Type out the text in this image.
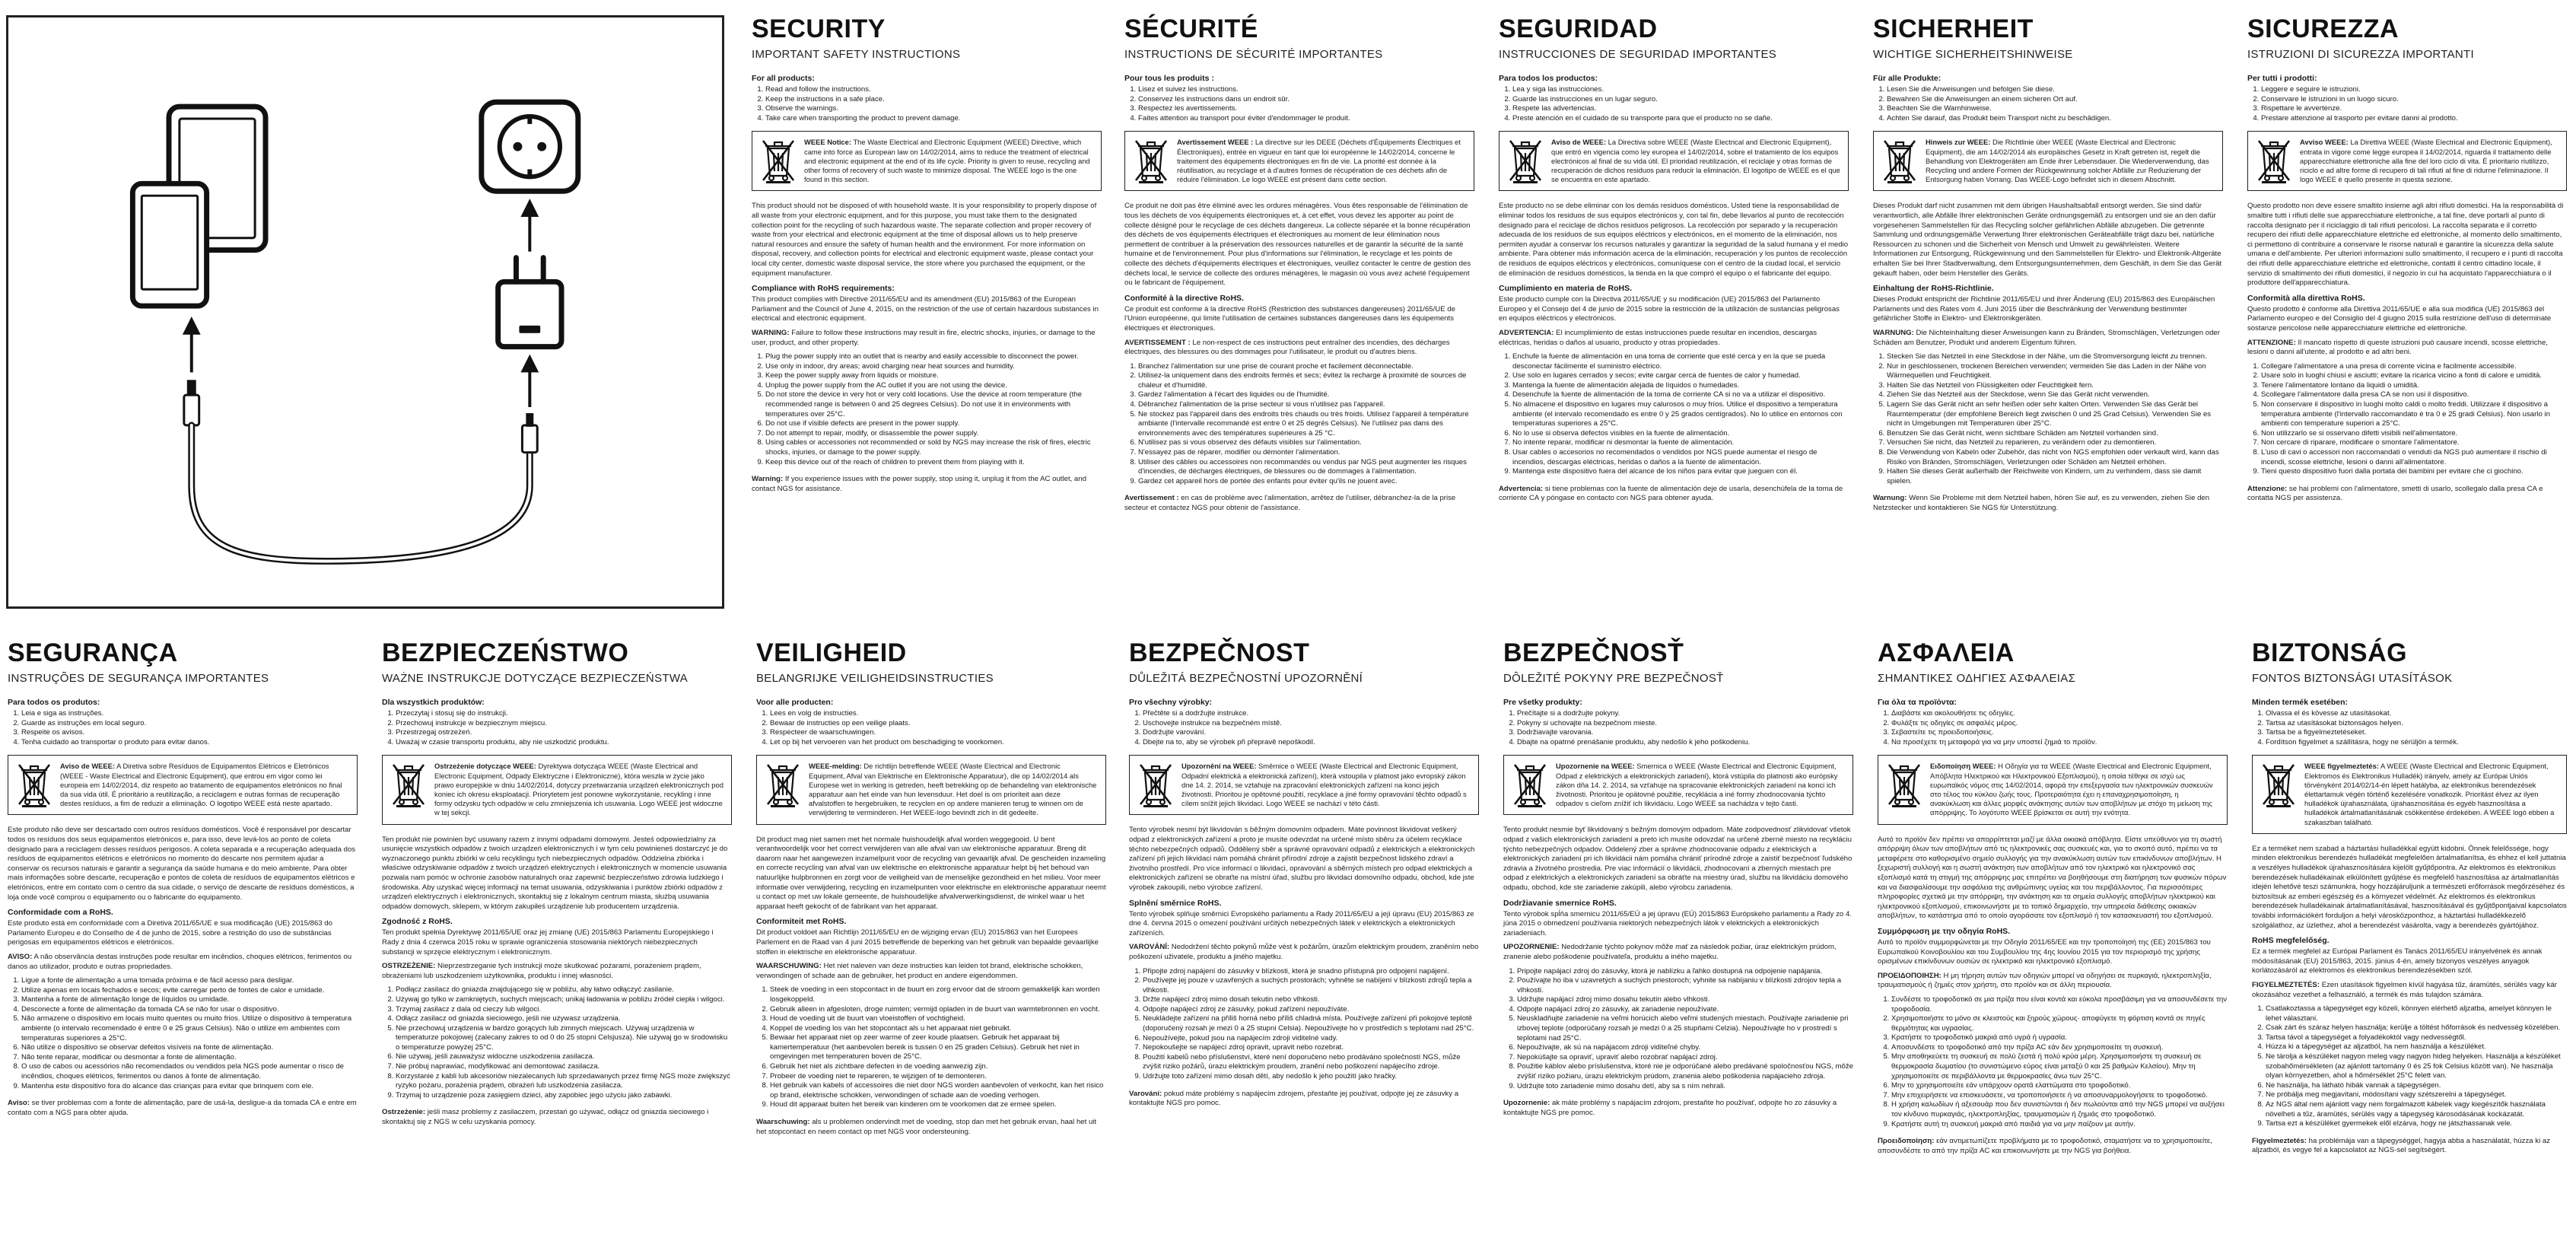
SECURITY
IMPORTANT SAFETY INSTRUCTIONS
For all products:
1. Read and follow the instructions.
2. Keep the instructions in a safe place.
3. Observe the warnings.
4. Take care when transporting the product to prevent damage.

WEEE Notice: The Waste Electrical and Electronic Equipment (WEEE) Directive, which came into force as European law on 14/02/2014, aims to reduce the treatment of electrical and electronic equipment at the end of its life cycle. Priority is given to reuse, recycling and other forms of recovery of such waste to minimize disposal. The WEEE logo is the one found in this section.

This product should not be disposed of with household waste. It is your responsibility to properly dispose of all waste from your electronic equipment, and for this purpose, you must take them to the designated collection point for the recycling of such hazardous waste. The separate collection and proper recovery of waste from your electrical and electronic equipment at the time of disposal allows us to help preserve natural resources and ensure the safety of human health and the environment. For more information on disposal, recovery, and collection points for electrical and electronic equipment waste, please contact your local city center, domestic waste disposal service, the store where you purchased the equipment, or the equipment manufacturer.

Compliance with RoHS requirements:

This product complies with Directive 2011/65/EU and its amendment (EU) 2015/863 of the European Parliament and the Council of June 4, 2015, on the restriction of the use of certain hazardous substances in electrical and electronic equipment.

WARNING: Failure to follow these instructions may result in fire, electric shocks, injuries, or damage to the user, product, and other property.

1. Plug the power supply into an outlet that is nearby and easily accessible to disconnect the power.
2. Use only in indoor, dry areas; avoid charging near heat sources and humidity.
3. Keep the power supply away from liquids or moisture.
4. Unplug the power supply from the AC outlet if you are not using the device.
5. Do not store the device in very hot or very cold locations. Use the device at room temperature (the recommended range is between 0 and 25 degrees Celsius). Do not use it in environments with temperatures over 25°C.
6. Do not use if visible defects are present in the power supply.
7. Do not attempt to repair, modify, or disassemble the power supply.
8. Using cables or accessories not recommended or sold by NGS may increase the risk of fires, electric shocks, injuries, or damage to the power supply.
9. Keep this device out of the reach of children to prevent them from playing with it.

Warning: If you experience issues with the power supply, stop using it, unplug it from the AC outlet, and contact NGS for assistance.

SÉCURITÉ
INSTRUCTIONS DE SÉCURITÉ IMPORTANTES
Pour tous les produits :
1. Lisez et suivez les instructions.
2. Conservez les instructions dans un endroit sûr.
3. Respectez les avertissements.
4. Faites attention au transport pour éviter d'endommager le produit.

Avertissement WEEE : La directive sur les DEEE (Déchets d'Équipements Électriques et Électroniques), entrée en vigueur en tant que loi européenne le 14/02/2014, concerne le traitement des équipements électroniques en fin de vie. La priorité est donnée à la réutilisation, au recyclage et à d'autres formes de récupération de ces déchets afin de réduire l'élimination. Le logo WEEE est présent dans cette section.

Ce produit ne doit pas être éliminé avec les ordures ménagères. Vous êtes responsable de l'élimination de tous les déchets de vos équipements électroniques et, à cet effet, vous devez les apporter au point de collecte désigné pour le recyclage de ces déchets dangereux. La collecte séparée et la bonne récupération des déchets de vos équipements électriques et électroniques au moment de leur élimination nous permettent de contribuer à la préservation des ressources naturelles et de garantir la sécurité de la santé humaine et de l'environnement. Pour plus d'informations sur l'élimination, le recyclage et les points de collecte des déchets d'équipements électriques et électroniques, veuillez contacter le centre de gestion des déchets local, le service de collecte des ordures ménagères, le magasin où vous avez acheté l'équipement ou le fabricant de l'équipement.

Conformité à la directive RoHS.

Ce produit est conforme à la directive RoHS (Restriction des substances dangereuses) 2011/65/UE de l'Union européenne, qui limite l'utilisation de certaines substances dangereuses dans les équipements électriques et électroniques.

AVERTISSEMENT : Le non-respect de ces instructions peut entraîner des incendies, des décharges électriques, des blessures ou des dommages pour l'utilisateur, le produit ou d'autres biens.

1. Branchez l'alimentation sur une prise de courant proche et facilement déconnectable.
2. Utilisez-la uniquement dans des endroits fermés et secs; évitez la recharge à proximité de sources de chaleur et d'humidité.
3. Gardez l'alimentation à l'écart des liquides ou de l'humidité.
4. Débranchez l'alimentation de la prise secteur si vous n'utilisez pas l'appareil.
5. Ne stockez pas l'appareil dans des endroits très chauds ou très froids. Utilisez l'appareil à température ambiante (l'intervalle recommandé est entre 0 et 25 degrés Celsius). Ne l'utilisez pas dans des environnements avec des températures supérieures à 25 °C.
6. N'utilisez pas si vous observez des défauts visibles sur l'alimentation.
7. N'essayez pas de réparer, modifier ou démonter l'alimentation.
8. Utiliser des câbles ou accessoires non recommandés ou vendus par NGS peut augmenter les risques d'incendies, de décharges électriques, de blessures ou de dommages à l'alimentation.
9. Gardez cet appareil hors de portée des enfants pour éviter qu'ils ne jouent avec.

Avertissement : en cas de problème avec l'alimentation, arrêtez de l'utiliser, débranchez-la de la prise secteur et contactez NGS pour obtenir de l'assistance.

SEGURIDAD
INSTRUCCIONES DE SEGURIDAD IMPORTANTES
Para todos los productos:
1. Lea y siga las instrucciones.
2. Guarde las instrucciones en un lugar seguro.
3. Respete las advertencias.
4. Preste atención en el cuidado de su transporte para que el producto no se dañe.

Aviso de WEEE: La Directiva sobre WEEE (Waste Electrical and Electronic Equipment), que entró en vigencia como ley europea el 14/02/2014, sobre el tratamiento de los equipos electrónicos al final de su vida útil. El prioridad reutilización, el reciclaje y otras formas de recuperación de dichos residuos para reducir la eliminación. El logotipo de WEEE es el que se encuentra en este apartado.

Este producto no se debe eliminar con los demás residuos domésticos. Usted tiene la responsabilidad de eliminar todos los residuos de sus equipos electrónicos y, con tal fin, debe llevarlos al punto de recolección designado para el reciclaje de dichos residuos peligrosos. La recolección por separado y la recuperación adecuada de los residuos de sus equipos eléctricos y electrónicos, en el momento de la eliminación, nos permiten ayudar a conservar los recursos naturales y garantizar la seguridad de la salud humana y el medio ambiente. Para obtener más información acerca de la eliminación, recuperación y los puntos de recolección de residuos de equipos eléctricos y electrónicos, comuníquese con el centro de la ciudad local, el servicio de eliminación de residuos domésticos, la tienda en la que compró el equipo o el fabricante del equipo.

Cumplimiento en materia de RoHS.

Este producto cumple con la Directiva 2011/65/UE y su modificación (UE) 2015/863 del Parlamento Europeo y el Consejo del 4 de junio de 2015 sobre la restricción de la utilización de sustancias peligrosas en equipos eléctricos y electrónicos.

ADVERTENCIA: El incumplimiento de estas instrucciones puede resultar en incendios, descargas eléctricas, heridas o daños al usuario, producto y otras propiedades.

1. Enchufe la fuente de alimentación en una toma de corriente que esté cerca y en la que se pueda desconectar fácilmente el suministro eléctrico.
2. Use solo en lugares cerrados y secos; evite cargar cerca de fuentes de calor y humedad.
3. Mantenga la fuente de alimentación alejada de líquidos o humedades.
4. Desenchufe la fuente de alimentación de la toma de corriente CA si no va a utilizar el dispositivo.
5. No almacene el dispositivo en lugares muy calurosos o muy fríos. Utilice el dispositivo a temperatura ambiente (el intervalo recomendado es entre 0 y 25 grados centígrados). No lo utilice en entornos con temperaturas superiores a 25°C.
6. No lo use si observa defectos visibles en la fuente de alimentación.
7. No intente reparar, modificar ni desmontar la fuente de alimentación.
8. Usar cables o accesorios no recomendados o vendidos por NGS puede aumentar el riesgo de incendios, descargas eléctricas, heridas o daños a la fuente de alimentación.
9. Mantenga este dispositivo fuera del alcance de los niños para evitar que jueguen con él.

Advertencia: si tiene problemas con la fuente de alimentación deje de usarla, desenchúfela de la toma de corriente CA y póngase en contacto con NGS para obtener ayuda.

SICHERHEIT
WICHTIGE SICHERHEITSHINWEISE
Für alle Produkte:
1. Lesen Sie die Anweisungen und befolgen Sie diese.
2. Bewahren Sie die Anweisungen an einem sicheren Ort auf.
3. Beachten Sie die Warnhinweise.
4. Achten Sie darauf, das Produkt beim Transport nicht zu beschädigen.

Hinweis zur WEEE: Die Richtlinie über WEEE (Waste Electrical and Electronic Equipment), die am 14/02/2014 als europäisches Gesetz in Kraft getreten ist, regelt die Behandlung von Elektrogeräten am Ende ihrer Lebensdauer. Die Wiederverwendung, das Recycling und andere Formen der Rückgewinnung solcher Abfälle zur Reduzierung der Entsorgung haben Vorrang. Das WEEE-Logo befindet sich in diesem Abschnitt.

Dieses Produkt darf nicht zusammen mit dem übrigen Haushaltsabfall entsorgt werden. Sie sind dafür verantwortlich, alle Abfälle Ihrer elektronischen Geräte ordnungsgemäß zu entsorgen und sie an den dafür vorgesehenen Sammelstellen für das Recycling solcher gefährlichen Abfälle abzugeben. Die getrennte Sammlung und ordnungsgemäße Verwertung Ihrer elektronischen Geräteabfälle trägt dazu bei, natürliche Ressourcen zu schonen und die Sicherheit von Mensch und Umwelt zu gewährleisten. Weitere Informationen zur Entsorgung, Rückgewinnung und den Sammelstellen für Elektro- und Elektronik-Altgeräte erhalten Sie bei Ihrer Stadtverwaltung, dem Entsorgungsunternehmen, dem Geschäft, in dem Sie das Gerät gekauft haben, oder beim Hersteller des Geräts.

Einhaltung der RoHS-Richtlinie.

Dieses Produkt entspricht der Richtlinie 2011/65/EU und ihrer Änderung (EU) 2015/863 des Europäischen Parlaments und des Rates vom 4. Juni 2015 über die Beschränkung der Verwendung bestimmter gefährlicher Stoffe in Elektro- und Elektronikgeräten.

WARNUNG: Die Nichteinhaltung dieser Anweisungen kann zu Bränden, Stromschlägen, Verletzungen oder Schäden am Benutzer, Produkt und anderem Eigentum führen.

1. Stecken Sie das Netzteil in eine Steckdose in der Nähe, um die Stromversorgung leicht zu trennen.
2. Nur in geschlossenen, trockenen Bereichen verwenden; vermeiden Sie das Laden in der Nähe von Wärmequellen und Feuchtigkeit.
3. Halten Sie das Netzteil von Flüssigkeiten oder Feuchtigkeit fern.
4. Ziehen Sie das Netzteil aus der Steckdose, wenn Sie das Gerät nicht verwenden.
5. Lagern Sie das Gerät nicht an sehr heißen oder sehr kalten Orten. Verwenden Sie das Gerät bei Raumtemperatur (der empfohlene Bereich liegt zwischen 0 und 25 Grad Celsius). Verwenden Sie es nicht in Umgebungen mit Temperaturen über 25°C.
6. Benutzen Sie das Gerät nicht, wenn sichtbare Schäden am Netzteil vorhanden sind.
7. Versuchen Sie nicht, das Netzteil zu reparieren, zu verändern oder zu demontieren.
8. Die Verwendung von Kabeln oder Zubehör, das nicht von NGS empfohlen oder verkauft wird, kann das Risiko von Bränden, Stromschlägen, Verletzungen oder Schäden am Netzteil erhöhen.
9. Halten Sie dieses Gerät außerhalb der Reichweite von Kindern, um zu verhindern, dass sie damit spielen.

Warnung: Wenn Sie Probleme mit dem Netzteil haben, hören Sie auf, es zu verwenden, ziehen Sie den Netzstecker und kontaktieren Sie NGS für Unterstützung.

SICUREZZA
ISTRUZIONI DI SICUREZZA IMPORTANTI
Per tutti i prodotti:
1. Leggere e seguire le istruzioni.
2. Conservare le istruzioni in un luogo sicuro.
3. Rispettare le avvertenze.
4. Prestare attenzione al trasporto per evitare danni al prodotto.

Avviso WEEE: La Direttiva WEEE (Waste Electrical and Electronic Equipment), entrata in vigore come legge europea il 14/02/2014, riguarda il trattamento delle apparecchiature elettroniche alla fine del loro ciclo di vita. È prioritario riutilizzo, riciclo e ad altre forme di recupero di tali rifiuti al fine di ridurne l'eliminazione. Il logo WEEE è quello presente in questa sezione.

Questo prodotto non deve essere smaltito insieme agli altri rifiuti domestici. Ha la responsabilità di smaltire tutti i rifiuti delle sue apparecchiature elettroniche, a tal fine, deve portarli al punto di raccolta designato per il riciclaggio di tali rifiuti pericolosi. La raccolta separata e il corretto recupero dei rifiuti delle apparecchiature elettriche ed elettroniche, al momento dello smaltimento, ci permettono di contribuire a conservare le risorse naturali e garantire la sicurezza della salute umana e dell'ambiente. Per ulteriori informazioni sullo smaltimento, il recupero e i punti di raccolta dei rifiuti delle apparecchiature elettriche ed elettroniche, contatti il centro cittadino locale, il servizio di smaltimento dei rifiuti domestici, il negozio in cui ha acquistato l'apparecchiatura o il produttore dell'apparecchiatura.

Conformità alla direttiva RoHS.

Questo prodotto è conforme alla Direttiva 2011/65/UE e alla sua modifica (UE) 2015/863 del Parlamento europeo e del Consiglio del 4 giugno 2015 sulla restrizione dell'uso di determinate sostanze pericolose nelle apparecchiature elettriche ed elettroniche.

ATTENZIONE: Il mancato rispetto di queste istruzioni può causare incendi, scosse elettriche, lesioni o danni all'utente, al prodotto e ad altri beni.

1. Collegare l'alimentatore a una presa di corrente vicina e facilmente accessibile.
2. Usare solo in luoghi chiusi e asciutti; evitare la ricarica vicino a fonti di calore e umidità.
3. Tenere l'alimentatore lontano da liquidi o umidità.
4. Scollegare l'alimentatore dalla presa CA se non usi il dispositivo.
5. Non conservare il dispositivo in luoghi molto caldi o molto freddi. Utilizzare il dispositivo a temperatura ambiente (l'intervallo raccomandato è tra 0 e 25 gradi Celsius). Non usarlo in ambienti con temperature superiori a 25°C.
6. Non utilizzarlo se si osservano difetti visibili nell'alimentatore.
7. Non cercare di riparare, modificare o smontare l'alimentatore.
8. L'uso di cavi o accessori non raccomandati o venduti da NGS può aumentare il rischio di incendi, scosse elettriche, lesioni o danni all'alimentatore.
9. Tieni questo dispositivo fuori dalla portata dei bambini per evitare che ci giochino.

Attenzione: se hai problemi con l'alimentatore, smetti di usarlo, scollegalo dalla presa CA e contatta NGS per assistenza.

SEGURANÇA
INSTRUÇÕES DE SEGURANÇA IMPORTANTES
Para todos os produtos:
1. Leia e siga as instruções.
2. Guarde as instruções em local seguro.
3. Respeite os avisos.
4. Tenha cuidado ao transportar o produto para evitar danos.

Aviso de WEEE: A Diretiva sobre Resíduos de Equipamentos Elétricos e Eletrónicos (WEEE - Waste Electrical and Electronic Equipment), que entrou em vigor como lei europeia em 14/02/2014, diz respeito ao tratamento de equipamentos eletrónicos no final da sua vida útil. É prioritário a reutilização, a reciclagem e outras formas de recuperação destes resíduos, a fim de reduzir a eliminação. O logotipo WEEE está neste apartado.

Este produto não deve ser descartado com outros resíduos domésticos. Você é responsável por descartar todos os resíduos dos seus equipamentos eletrónicos e, para isso, deve levá-los ao ponto de coleta designado para a reciclagem desses resíduos perigosos. A coleta separada e a recuperação adequada dos resíduos de equipamentos elétricos e eletrónicos no momento do descarte nos permitem ajudar a conservar os recursos naturais e garantir a segurança da saúde humana e do meio ambiente. Para obter mais informações sobre descarte, recuperação e pontos de coleta de resíduos de equipamentos elétricos e eletrónicos, entre em contato com o centro da sua cidade, o serviço de descarte de resíduos domésticos, a loja onde você comprou o equipamento ou o fabricante do equipamento.

Conformidade com a RoHS.

Este produto está em conformidade com a Diretiva 2011/65/UE e sua modificação (UE) 2015/863 do Parlamento Europeu e do Conselho de 4 de junho de 2015, sobre a restrição do uso de substâncias perigosas em equipamentos elétricos e eletrónicos.

AVISO: A não observância destas instruções pode resultar em incêndios, choques elétricos, ferimentos ou danos ao utilizador, produto e outras propriedades.

1. Ligue a fonte de alimentação a uma tomada próxima e de fácil acesso para desligar.
2. Utilize apenas em locais fechados e secos; evite carregar perto de fontes de calor e umidade.
3. Mantenha a fonte de alimentação longe de líquidos ou umidade.
4. Desconecte a fonte de alimentação da tomada CA se não for usar o dispositivo.
5. Não armazene o dispositivo em locais muito quentes ou muito frios. Utilize o dispositivo à temperatura ambiente (o intervalo recomendado é entre 0 e 25 graus Celsius). Não o utilize em ambientes com temperaturas superiores a 25°C.
6. Não utilize o dispositivo se observar defeitos visíveis na fonte de alimentação.
7. Não tente reparar, modificar ou desmontar a fonte de alimentação.
8. O uso de cabos ou acessórios não recomendados ou vendidos pela NGS pode aumentar o risco de incêndios, choques elétricos, ferimentos ou danos à fonte de alimentação.
9. Mantenha este dispositivo fora do alcance das crianças para evitar que brinquem com ele.

Aviso: se tiver problemas com a fonte de alimentação, pare de usá-la, desligue-a da tomada CA e entre em contato com a NGS para obter ajuda.

BEZPIECZEŃSTWO
WAŻNE INSTRUKCJE DOTYCZĄCE BEZPIECZEŃSTWA
Dla wszystkich produktów:
1. Przeczytaj i stosuj się do instrukcji.
2. Przechowuj instrukcje w bezpiecznym miejscu.
3. Przestrzegaj ostrzeżeń.
4. Uważaj w czasie transportu produktu, aby nie uszkodzić produktu.

Ostrzeżenie dotyczące WEEE: Dyrektywa dotycząca WEEE (Waste Electrical and Electronic Equipment, Odpady Elektryczne i Elektroniczne), która weszła w życie jako prawo europejskie w dniu 14/02/2014, dotyczy przetwarzania urządzeń elektronicznych pod koniec ich okresu eksploatacji. Priorytetem jest ponowne wykorzystanie, recykling i inne formy odzysku tych odpadów w celu zmniejszenia ich usuwania. Logo WEEE jest widoczne w tej sekcji.

Ten produkt nie powinien być usuwany razem z innymi odpadami domowymi. Jesteś odpowiedzialny za usunięcie wszystkich odpadów z twoich urządzeń elektronicznych i w tym celu powinieneś dostarczyć je do wyznaczonego punktu zbiórki w celu recyklingu tych niebezpiecznych odpadów. Oddzielna zbiórka i właściwe odzyskiwanie odpadów z twoich urządzeń elektrycznych i elektronicznych w momencie usuwania pozwala nam pomóc w ochronie zasobów naturalnych oraz zapewnić bezpieczeństwo zdrowia ludzkiego i środowiska. Aby uzyskać więcej informacji na temat usuwania, odzyskiwania i punktów zbiórki odpadów z urządzeń elektrycznych i elektronicznych, skontaktuj się z lokalnym centrum miasta, służbą usuwania odpadów domowych, sklepem, w którym zakupiłeś urządzenie lub producentem urządzenia.

Zgodność z RoHS.

Ten produkt spełnia Dyrektywę 2011/65/UE oraz jej zmianę (UE) 2015/863 Parlamentu Europejskiego i Rady z dnia 4 czerwca 2015 roku w sprawie ograniczenia stosowania niektórych niebezpiecznych substancji w sprzęcie elektrycznym i elektronicznym.

OSTRZEŻENIE: Nieprzestrzeganie tych instrukcji może skutkować pożarami, porażeniem prądem, obrażeniami lub uszkodzeniem użytkownika, produktu i innej własności.

1. Podłącz zasilacz do gniazda znajdującego się w pobliżu, aby łatwo odłączyć zasilanie.
2. Używaj go tylko w zamkniętych, suchych miejscach; unikaj ładowania w pobliżu źródeł ciepła i wilgoci.
3. Trzymaj zasilacz z dala od cieczy lub wilgoci.
4. Odłącz zasilacz od gniazda sieciowego, jeśli nie używasz urządzenia.
5. Nie przechowuj urządzenia w bardzo gorących lub zimnych miejscach. Używaj urządzenia w temperaturze pokojowej (zalecany zakres to od 0 do 25 stopni Celsjusza). Nie używaj go w środowisku o temperaturze powyżej 25°C.
6. Nie używaj, jeśli zauważysz widoczne uszkodzenia zasilacza.
7. Nie próbuj naprawiać, modyfikować ani demontować zasilacza.
8. Korzystanie z kabli lub akcesoriów niezalecanych lub sprzedawanych przez firmę NGS może zwiększyć ryzyko pożaru, porażenia prądem, obrażeń lub uszkodzenia zasilacza.
9. Trzymaj to urządzenie poza zasięgiem dzieci, aby zapobiec jego użyciu jako zabawki.

Ostrzeżenie: jeśli masz problemy z zasilaczem, przestań go używać, odłącz od gniazda sieciowego i skontaktuj się z NGS w celu uzyskania pomocy.

VEILIGHEID
BELANGRIJKE VEILIGHEIDSINSTRUCTIES
Voor alle producten:
1. Lees en volg de instructies.
2. Bewaar de instructies op een veilige plaats.
3. Respecteer de waarschuwingen.
4. Let op bij het vervoeren van het product om beschadiging te voorkomen.

WEEE-melding: De richtlijn betreffende WEEE (Waste Electrical and Electronic Equipment, Afval van Elektrische en Elektronische Apparatuur), die op 14/02/2014 als Europese wet in werking is getreden, heeft betrekking op de behandeling van elektronische apparatuur aan het einde van hun levensduur. Het doel is om prioriteit aan deze afvalstoffen te hergebruiken, te recyclen en op andere manieren terug te winnen om de verwijdering te verminderen. Het WEEE-logo bevindt zich in dit gedeelte.

Dit product mag niet samen met het normale huishoudelijk afval worden weggegooid. U bent verantwoordelijk voor het correct verwijderen van alle afval van uw elektronische apparatuur. Breng dit daarom naar het aangewezen inzamelpunt voor de recycling van gevaarlijk afval. De gescheiden inzameling en correcte recycling van afval van uw elektrische en elektronische apparatuur helpt bij het behoud van natuurlijke hulpbronnen en zorgt voor de veiligheid van de menselijke gezondheid en het milieu. Voor meer informatie over verwijdering, recycling en inzamelpunten voor elektrische en elektronische apparatuur neemt u contact op met uw lokale gemeente, de huishoudelijke afvalverwerkingsdienst, de winkel waar u het apparaat heeft gekocht of de fabrikant van het apparaat.

Conformiteit met RoHS.

Dit product voldoet aan Richtlijn 2011/65/EU en de wijziging ervan (EU) 2015/863 van het Europees Parlement en de Raad van 4 juni 2015 betreffende de beperking van het gebruik van bepaalde gevaarlijke stoffen in elektrische en elektronische apparatuur.

WAARSCHUWING: Het niet naleven van deze instructies kan leiden tot brand, elektrische schokken, verwondingen of schade aan de gebruiker, het product en andere eigendommen.

1. Steek de voeding in een stopcontact in de buurt en zorg ervoor dat de stroom gemakkelijk kan worden losgekoppeld.
2. Gebruik alleen in afgesloten, droge ruimten; vermijd opladen in de buurt van warmtebronnen en vocht.
3. Houd de voeding uit de buurt van vloeistoffen of vochtigheid.
4. Koppel de voeding los van het stopcontact als u het apparaat niet gebruikt.
5. Bewaar het apparaat niet op zeer warme of zeer koude plaatsen. Gebruik het apparaat bij kamertemperatuur (het aanbevolen bereik is tussen 0 en 25 graden Celsius). Gebruik het niet in omgevingen met temperaturen boven de 25°C.
6. Gebruik het niet als zichtbare defecten in de voeding aanwezig zijn.
7. Probeer de voeding niet te repareren, te wijzigen of te demonteren.
8. Het gebruik van kabels of accessoires die niet door NGS worden aanbevolen of verkocht, kan het risico op brand, elektrische schokken, verwondingen of schade aan de voeding verhogen.
9. Houd dit apparaat buiten het bereik van kinderen om te voorkomen dat ze ermee spelen.

Waarschuwing: als u problemen ondervindt met de voeding, stop dan met het gebruik ervan, haal het uit het stopcontact en neem contact op met NGS voor ondersteuning.

BEZPEČNOST
DŮLEŽITÁ BEZPEČNOSTNÍ UPOZORNĚNÍ
Pro všechny výrobky:
1. Přečtěte si a dodržujte instrukce.
2. Uschovejte instrukce na bezpečném místě.
3. Dodržujte varování.
4. Dbejte na to, aby se výrobek při přepravě nepoškodil.

Upozornění na WEEE: Směrnice o WEEE (Waste Electrical and Electronic Equipment, Odpadní elektrická a elektronická zařízení), která vstoupila v platnost jako evropský zákon dne 14. 2. 2014, se vztahuje na zpracování elektronických zařízení na konci jejich životnosti. Prioritou je opětovné použití, recyklace a jiné formy opravování těchto odpadů s cílem snížit jejich likvidaci. Logo WEEE se nachází v této části.

Tento výrobek nesmí být likvidován s běžným domovním odpadem. Máte povinnost likvidovat veškerý odpad z elektronických zařízení a proto je musíte odevzdat na určené místo sběru za účelem recyklace těchto nebezpečných odpadů. Oddělený sběr a správné opravování odpadů z elektrických a elektronických zařízení při jejich likvidaci nám pomáhá chránit přírodní zdroje a zajistit bezpečnost lidského zdraví a životního prostředí. Pro více informací o likvidaci, opravování a sběrných místech pro odpad elektrických a elektronických zařízení se obraťte na místní úřad, službu pro likvidaci domovního odpadu, obchod, kde jste výrobek zakoupili, nebo výrobce zařízení.

Splnění směrnice RoHS.

Tento výrobek splňuje směrnici Evropského parlamentu a Rady 2011/65/EU a její úpravu (EU) 2015/863 ze dne 4. června 2015 o omezení používání určitých nebezpečných látek v elektrických a elektronických zařízeních.

VAROVÁNÍ: Nedodržení těchto pokynů může vést k požárům, úrazům elektrickým proudem, zraněním nebo poškození uživatele, produktu a jiného majetku.

1. Připojte zdroj napájení do zásuvky v blízkosti, která je snadno přístupná pro odpojení napájení.
2. Používejte jej pouze v uzavřených a suchých prostorách; vyhněte se nabíjení v blízkosti zdrojů tepla a vlhkosti.
3. Držte napájecí zdroj mimo dosah tekutin nebo vlhkosti.
4. Odpojte napájecí zdroj ze zásuvky, pokud zařízení nepoužíváte.
5. Neukládejte zařízení na příliš horná nebo příliš chladná místa. Používejte zařízení při pokojové teplotě (doporučený rozsah je mezi 0 a 25 stupni Celsia). Nepoužívejte ho v prostředích s teplotami nad 25°C.
6. Nepoužívejte, pokud jsou na napájecím zdroji viditelné vady.
7. Nepokoušejte se napájecí zdroj opravit, upravit nebo rozebrat.
8. Použití kabelů nebo příslušenství, které není doporučeno nebo prodáváno společností NGS, může zvýšit riziko požárů, úrazu elektrickým proudem, zranění nebo poškození napájecího zdroje.
9. Udržujte toto zařízení mimo dosah dětí, aby nedošlo k jeho použití jako hračky.

Varování: pokud máte problémy s napájecím zdrojem, přestaňte jej používat, odpojte jej ze zásuvky a kontaktujte NGS pro pomoc.

BEZPEČNOSŤ
DÔLEŽITÉ POKYNY PRE BEZPEČNOSŤ
Pre všetky produkty:
1. Prečítajte si a dodržujte pokyny.
2. Pokyny si uchovajte na bezpečnom mieste.
3. Dodržiavajte varovania.
4. Dbajte na opatrné prenášanie produktu, aby nedošlo k jeho poškodeniu.

Upozornenie na WEEE: Smernica o WEEE (Waste Electrical and Electronic Equipment, Odpad z elektrických a elektronických zariadení), ktorá vstúpila do platnosti ako európsky zákon dňa 14. 2. 2014, sa vzťahuje na spracovanie elektronických zariadení na konci ich životnosti. Prioritou je opätovné použitie, recyklácia a iné formy zhodnocovania týchto odpadov s cieľom znížiť ich likvidáciu. Logo WEEE sa nachádza v tejto časti.

Tento produkt nesmie byť likvidovaný s bežným domovým odpadom. Máte zodpovednosť zlikvidovať všetok odpad z vašich elektronických zariadení a preto ich musíte odovzdať na určené zberné miesto na recykláciu týchto nebezpečných odpadov. Oddelený zber a správne zhodnocovanie odpadu z elektrických a elektronických zariadení pri ich likvidácii nám pomáha chrániť prírodné zdroje a zaistiť bezpečnosť ľudského zdravia a životného prostredia. Pre viac informácií o likvidácii, zhodnocovaní a zberných miestach pre odpad z elektrických a elektronických zariadení sa obráťte na miestny úrad, službu na likvidáciu domového odpadu, obchod, kde ste zariadenie zakúpili, alebo výrobcu zariadenia.

Dodržiavanie smernice RoHS.

Tento výrobok spĺňa smernicu 2011/65/EÚ a jej úpravu (EÚ) 2015/863 Európskeho parlamentu a Rady zo 4. júna 2015 o obmedzení používania niektorých nebezpečných látok v elektrických a elektronických zariadeniach.

UPOZORNENIE: Nedodržanie týchto pokynov môže mať za následok požiar, úraz elektrickým prúdom, zranenie alebo poškodenie používateľa, produktu a iného majetku.

1. Pripojte napájací zdroj do zásuvky, ktorá je nablízku a ľahko dostupná na odpojenie napájania.
2. Používajte ho iba v uzavretých a suchých priestoroch; vyhnite sa nabíjaniu v blízkosti zdrojov tepla a vlhkosti.
3. Udržujte napájací zdroj mimo dosahu tekutín alebo vlhkosti.
4. Odpojte napájací zdroj zo zásuvky, ak zariadenie nepoužívate.
5. Neuskladňujte zariadenie na veľmi horúcich alebo veľmi studených miestach. Používajte zariadenie pri izbovej teplote (odporúčaný rozsah je medzi 0 a 25 stupňami Celzia). Nepoužívajte ho v prostredí s teplotami nad 25°C.
6. Nepoužívajte, ak sú na napájacom zdroji viditeľné chyby.
7. Nepokúšajte sa opraviť, upraviť alebo rozobrať napájací zdroj.
8. Použitie káblov alebo príslušenstva, ktoré nie je odporúčané alebo predávané spoločnosťou NGS, môže zvýšiť riziko požiaru, úrazu elektrickým prúdom, zranenia alebo poškodenia napájacieho zdroja.
9. Udržujte toto zariadenie mimo dosahu detí, aby sa s ním nehrali.

Upozornenie: ak máte problémy s napájacím zdrojom, prestaňte ho používať, odpojte ho zo zásuvky a kontaktujte NGS pre pomoc.

ΑΣΦΑΛΕΙΑ
ΣΗΜΑΝΤΙΚΕΣ ΟΔΗΓΙΕΣ ΑΣΦΑΛΕΙΑΣ
Για όλα τα προϊόντα:
1. Διαβάστε και ακολουθήστε τις οδηγίες.
2. Φυλάξτε τις οδηγίες σε ασφαλές μέρος.
3. Σεβαστείτε τις προειδοποιήσεις.
4. Να προσέχετε τη μεταφορά για να μην υποστεί ζημιά το προϊόν.

Ειδοποίηση WEEE: Η Οδηγία για τα WEEE (Waste Electrical and Electronic Equipment, Απόβλητα Ηλεκτρικού και Ηλεκτρονικού Εξοπλισμού), η οποία τέθηκε σε ισχύ ως ευρωπαϊκός νόμος στις 14/02/2014, αφορά την επεξεργασία των ηλεκτρονικών συσκευών στο τέλος του κύκλου ζωής τους. Προτεραιότητα έχει η επαναχρησιμοποίηση, η ανακύκλωση και άλλες μορφές ανάκτησης αυτών των αποβλήτων με στόχο τη μείωση της απόρριψης. Το λογότυπο WEEE βρίσκεται σε αυτή την ενότητα.

Αυτό το προϊόν δεν πρέπει να απορρίπτεται μαζί με άλλα οικιακά απόβλητα. Είστε υπεύθυνοι για τη σωστή απόρριψη όλων των αποβλήτων από τις ηλεκτρονικές σας συσκευές και, για το σκοπό αυτό, πρέπει να τα μεταφέρετε στο καθορισμένο σημείο συλλογής για την ανακύκλωση αυτών των επικίνδυνων αποβλήτων. Η ξεχωριστή συλλογή και η σωστή ανάκτηση των αποβλήτων από τον ηλεκτρικό και ηλεκτρονικό σας εξοπλισμό κατά τη στιγμή της απόρριψης μας επιτρέπει να βοηθήσουμε στη διατήρηση των φυσικών πόρων και να διασφαλίσουμε την ασφάλεια της ανθρώπινης υγείας και του περιβάλλοντος. Για περισσότερες πληροφορίες σχετικά με την απόρριψη, την ανάκτηση και τα σημεία συλλογής αποβλήτων ηλεκτρικού και ηλεκτρονικού εξοπλισμού, επικοινωνήστε με το τοπικό δημαρχείο, την υπηρεσία διάθεσης οικιακών αποβλήτων, το κατάστημα από το οποίο αγοράσατε τον εξοπλισμό ή τον κατασκευαστή του εξοπλισμού.

Συμμόρφωση με την οδηγία RoHS.

Αυτό το προϊόν συμμορφώνεται με την Οδηγία 2011/65/ΕΕ και την τροποποίησή της (ΕΕ) 2015/863 του Ευρωπαϊκού Κοινοβουλίου και του Συμβουλίου της 4ης Ιουνίου 2015 για τον περιορισμό της χρήσης ορισμένων επικίνδυνων ουσιών σε ηλεκτρικό και ηλεκτρονικό εξοπλισμό.

ΠΡΟΕΙΔΟΠΟΙΗΣΗ: Η μη τήρηση αυτών των οδηγιών μπορεί να οδηγήσει σε πυρκαγιά, ηλεκτροπληξία, τραυματισμούς ή ζημιές στον χρήστη, στο προϊόν και σε άλλη περιουσία.

1. Συνδέστε το τροφοδοτικό σε μια πρίζα που είναι κοντά και εύκολα προσβάσιμη για να αποσυνδέσετε την τροφοδοσία.
2. Χρησιμοποιήστε το μόνο σε κλειστούς και ξηρούς χώρους· αποφύγετε τη φόρτιση κοντά σε πηγές θερμότητας και υγρασίας.
3. Κρατήστε το τροφοδοτικό μακριά από υγρά ή υγρασία.
4. Αποσυνδέστε το τροφοδοτικό από την πρίζα AC εάν δεν χρησιμοποιείτε τη συσκευή.
5. Μην αποθηκεύετε τη συσκευή σε πολύ ζεστά ή πολύ κρύα μέρη. Χρησιμοποιήστε τη συσκευή σε θερμοκρασία δωματίου (το συνιστώμενο εύρος είναι μεταξύ 0 και 25 βαθμών Κελσίου). Μην τη χρησιμοποιείτε σε περιβάλλοντα με θερμοκρασίες άνω των 25°C.
6. Μην το χρησιμοποιείτε εάν υπάρχουν ορατά ελαττώματα στο τροφοδοτικό.
7. Μην επιχειρήσετε να επισκευάσετε, να τροποποιήσετε ή να αποσυναρμολογήσετε το τροφοδοτικό.
8. Η χρήση καλωδίων ή αξεσουάρ που δεν συνιστώνται ή δεν πωλούνται από την NGS μπορεί να αυξήσει τον κίνδυνο πυρκαγιάς, ηλεκτροπληξίας, τραυματισμών ή ζημιάς στο τροφοδοτικό.
9. Κρατήστε αυτή τη συσκευή μακριά από παιδιά για να μην παίζουν με αυτήν.

Προειδοποίηση: εάν αντιμετωπίζετε προβλήματα με το τροφοδοτικό, σταματήστε να το χρησιμοποιείτε, αποσυνδέστε το από την πρίζα AC και επικοινωνήστε με την NGS για βοήθεια.

BIZTONSÁG
FONTOS BIZTONSÁGI UTASÍTÁSOK
Minden termék esetében:
1. Olvassa el és kövesse az utasításokat.
2. Tartsa az utasításokat biztonságos helyen.
3. Tartsa be a figyelmeztetéseket.
4. Fordítson figyelmet a szállításra, hogy ne sérüljön a termék.

WEEE figyelmeztetés: A WEEE (Waste Electrical and Electronic Equipment, Elektromos és Elektronikus Hulladék) irányelv, amely az Európai Uniós törvényként 2014/02/14-én lépett hatályba, az elektronikus berendezések élettartamuk végén történő kezelésére vonatkozik. Prioritást élvez az ilyen hulladékok újrahasználata, újrahasznosítása és egyéb hasznosítása a hulladékok ártalmatlanításának csökkentése érdekében. A WEEE logó ebben a szakaszban található.

Ez a terméket nem szabad a háztartási hulladékkal együtt kidobni. Önnek felelőssége, hogy minden elektronikus berendezés hulladékát megfelelően ártalmatlanítsa, és ehhez el kell juttatnia a veszélyes hulladékok újrahasznosítására kijelölt gyűjtőpontra. Az elektromos és elektronikus berendezések hulladékainak elkülönített gyűjtése és megfelelő hasznosítása az ártalmatlanítás idején lehetővé teszi számunkra, hogy hozzájáruljunk a természeti erőforrások megőrzéséhez és biztosítsuk az emberi egészség és a környezet védelmét. Az elektromos és elektronikus berendezések hulladékainak ártalmatlanításával, hasznosításával és gyűjtőpontjaival kapcsolatos további információkért forduljon a helyi városközponthoz, a háztartási hulladékkezelő szolgálathoz, az üzlethez, ahol a berendezést vásárolta, vagy a berendezés gyártójához.

RoHS megfelelőség.

Ez a termék megfelel az Európai Parlament és Tanács 2011/65/EU irányelvének és annak módosításának (EU) 2015/863, 2015. június 4-én, amely bizonyos veszélyes anyagok korlátozásáról az elektromos és elektronikus berendezésekben szól.

FIGYELMEZTETÉS: Ezen utasítások figyelmen kívül hagyása tűz, áramütés, sérülés vagy kár okozásához vezethet a felhasználó, a termék és más tulajdon számára.

1. Csatlakoztassa a tápegységet egy közeli, könnyen elérhető aljzatba, amelyet könnyen le lehet választani.
2. Csak zárt és száraz helyen használja; kerülje a töltést hőforrások és nedvesség közelében.
3. Tartsa távol a tápegységet a folyadékoktól vagy nedvességtől.
4. Húzza ki a tápegységet az aljzatból, ha nem használja a készüléket.
5. Ne tárolja a készüléket nagyon meleg vagy nagyon hideg helyeken. Használja a készüléket szobahőmérsékleten (az ajánlott tartomány 0 és 25 fok Celsius között van). Ne használja olyan környezetben, ahol a hőmérséklet 25°C felett van.
6. Ne használja, ha látható hibák vannak a tápegységen.
7. Ne próbálja meg megjavítani, módosítani vagy szétszerelni a tápegységet.
8. Az NGS által nem ajánlott vagy nem forgalmazott kábelek vagy kiegészítők használata növelheti a tűz, áramütés, sérülés vagy a tápegység károsodásának kockázatát.
9. Tartsa ezt a készüléket gyermekek elől elzárva, hogy ne játszhassanak vele.

Figyelmeztetés: ha problémája van a tápegységgel, hagyja abba a használatát, húzza ki az aljzatból, és vegye fel a kapcsolatot az NGS-sel segítségért.
